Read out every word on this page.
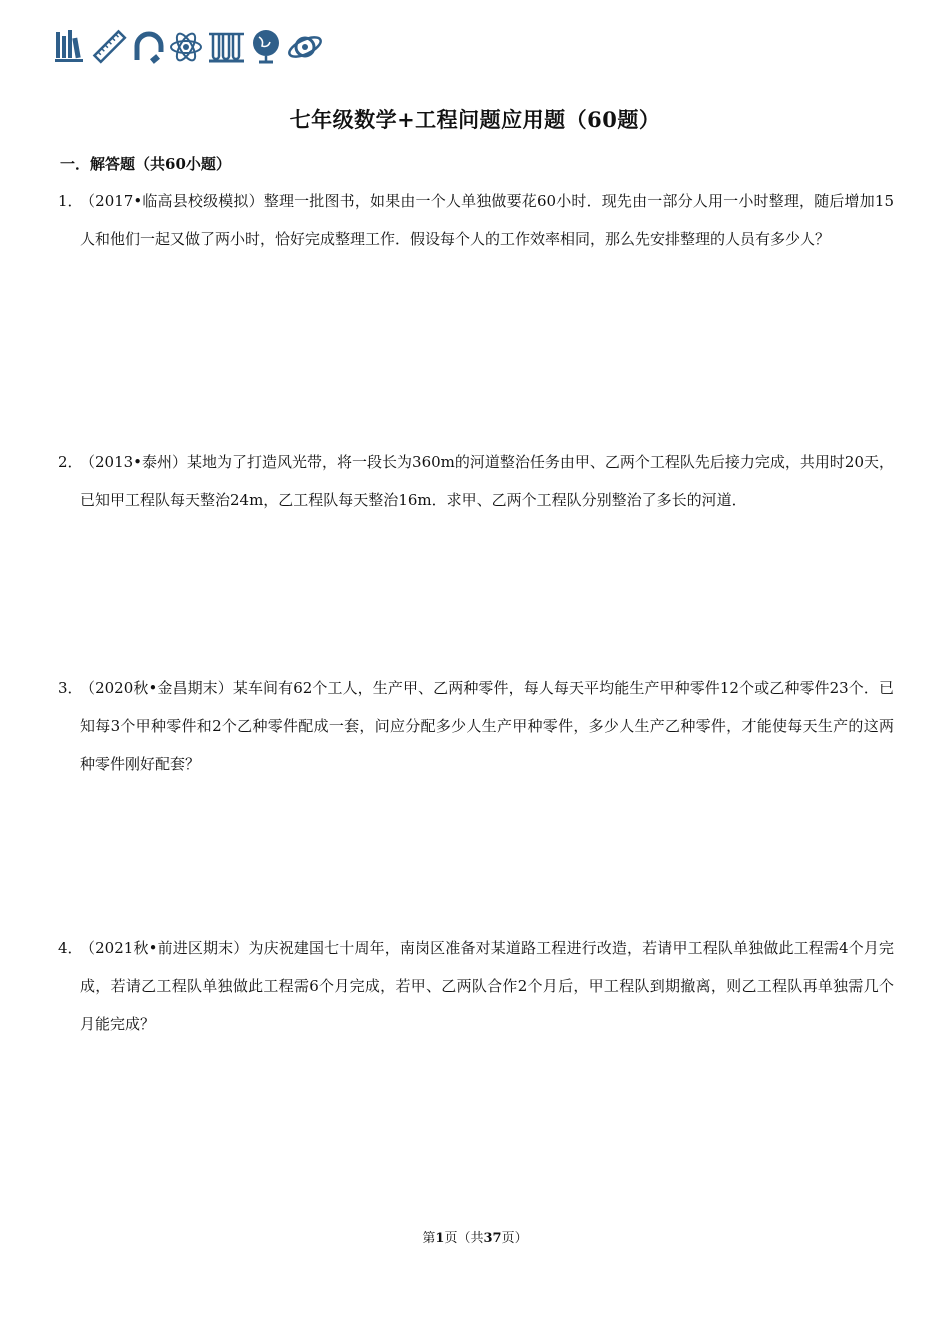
七年级数学+工程问题应用题（60题）
一．解答题（共60小题）
1．
（2017•临高县校级模拟）整理一批图书，如果由一个人单独做要花60小时．现先由一部分人用一小时整理，随后增加15人和他们一起又做了两小时，恰好完成整理工作．假设每个人的工作效率相同，那么先安排整理的人员有多少人？
2．
（2013•泰州）某地为了打造风光带，将一段长为360m的河道整治任务由甲、乙两个工程队先后接力完成，共用时20天，已知甲工程队每天整治24m，乙工程队每天整治16m．求甲、乙两个工程队分别整治了多长的河道．
3．
（2020秋•金昌期末）某车间有62个工人，生产甲、乙两种零件，每人每天平均能生产甲种零件12个或乙种零件23个．已知每3个甲种零件和2个乙种零件配成一套，问应分配多少人生产甲种零件，多少人生产乙种零件，才能使每天生产的这两种零件刚好配套？
4．
（2021秋•前进区期末）为庆祝建国七十周年，南岗区准备对某道路工程进行改造，若请甲工程队单独做此工程需4个月完成，若请乙工程队单独做此工程需6个月完成，若甲、乙两队合作2个月后，甲工程队到期撤离，则乙工程队再单独需几个月能完成？
第1页（共37页）
